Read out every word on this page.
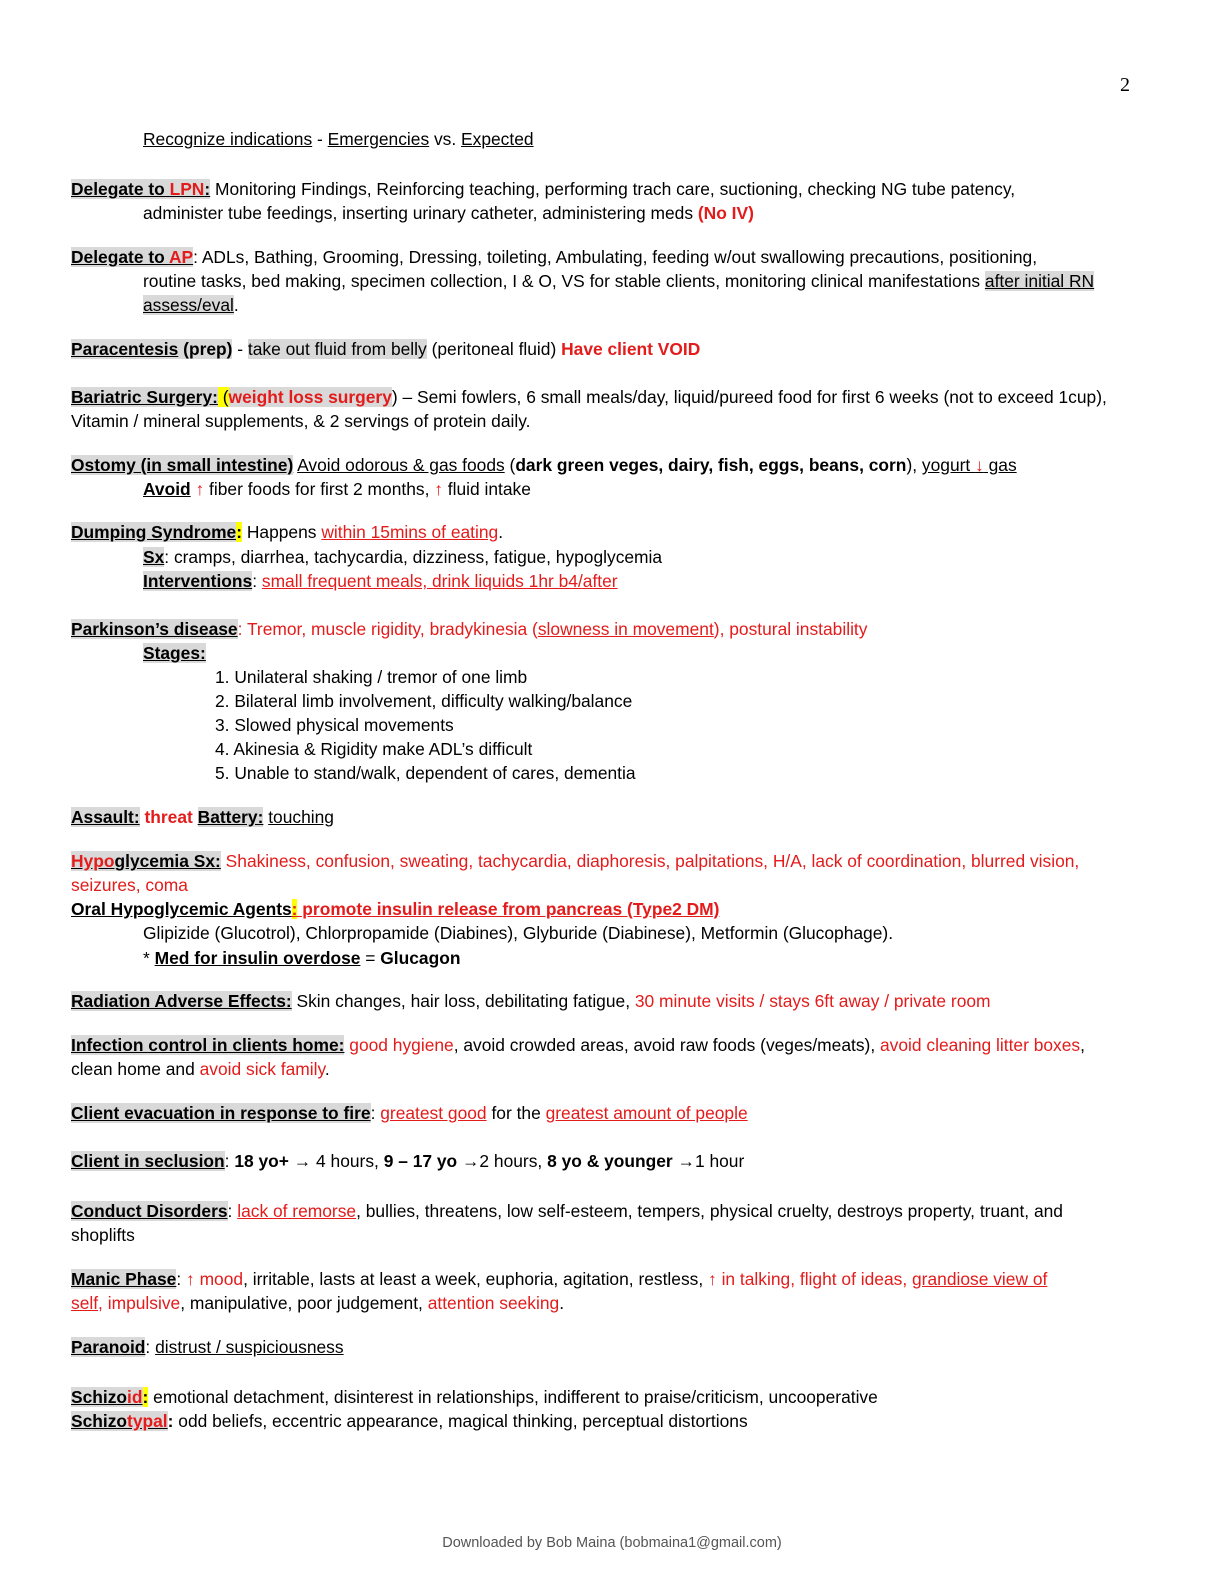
2
Recognize indications - Emergencies vs. Expected
Delegate to LPN: Monitoring Findings, Reinforcing teaching, performing trach care, suctioning, checking NG tube patency,
administer tube feedings, inserting urinary catheter, administering meds (No IV)
Delegate to AP: ADLs, Bathing, Grooming, Dressing, toileting, Ambulating, feeding w/out swallowing precautions, positioning,
routine tasks, bed making, specimen collection, I & O, VS for stable clients, monitoring clinical manifestations after initial RN
assess/eval.
Paracentesis (prep) - take out fluid from belly (peritoneal fluid) Have client VOID
Bariatric Surgery: (weight loss surgery) – Semi fowlers, 6 small meals/day, liquid/pureed food for first 6 weeks (not to exceed 1cup),
Vitamin / mineral supplements, & 2 servings of protein daily.
Ostomy (in small intestine) Avoid odorous & gas foods (dark green veges, dairy, fish, eggs, beans, corn), yogurt ↓ gas
Avoid ↑ fiber foods for first 2 months, ↑ fluid intake
Dumping Syndrome: Happens within 15mins of eating.
Sx: cramps, diarrhea, tachycardia, dizziness, fatigue, hypoglycemia
Interventions: small frequent meals, drink liquids 1hr b4/after
Parkinson’s disease: Tremor, muscle rigidity, bradykinesia (slowness in movement), postural instability
Stages:
1. Unilateral shaking / tremor of one limb
2. Bilateral limb involvement, difficulty walking/balance
3. Slowed physical movements
4. Akinesia & Rigidity make ADL’s difficult
5. Unable to stand/walk, dependent of cares, dementia
Assault: threat Battery: touching
Hypoglycemia Sx: Shakiness, confusion, sweating, tachycardia, diaphoresis, palpitations, H/A, lack of coordination, blurred vision,
seizures, coma
Oral Hypoglycemic Agents: promote insulin release from pancreas (Type2 DM)
Glipizide (Glucotrol), Chlorpropamide (Diabines), Glyburide (Diabinese), Metformin (Glucophage).
* Med for insulin overdose = Glucagon
Radiation Adverse Effects: Skin changes, hair loss, debilitating fatigue, 30 minute visits / stays 6ft away / private room
Infection control in clients home: good hygiene, avoid crowded areas, avoid raw foods (veges/meats), avoid cleaning litter boxes,
clean home and avoid sick family.
Client evacuation in response to fire: greatest good for the greatest amount of people
Client in seclusion: 18 yo+ → 4 hours, 9 – 17 yo →2 hours, 8 yo & younger →1 hour
Conduct Disorders: lack of remorse, bullies, threatens, low self-esteem, tempers, physical cruelty, destroys property, truant, and
shoplifts
Manic Phase: ↑ mood, irritable, lasts at least a week, euphoria, agitation, restless, ↑ in talking, flight of ideas, grandiose view of
self, impulsive, manipulative, poor judgement, attention seeking.
Paranoid: distrust / suspiciousness
Schizoid: emotional detachment, disinterest in relationships, indifferent to praise/criticism, uncooperative
Schizotypal: odd beliefs, eccentric appearance, magical thinking, perceptual distortions
Downloaded by Bob Maina (bobmaina1@gmail.com)
